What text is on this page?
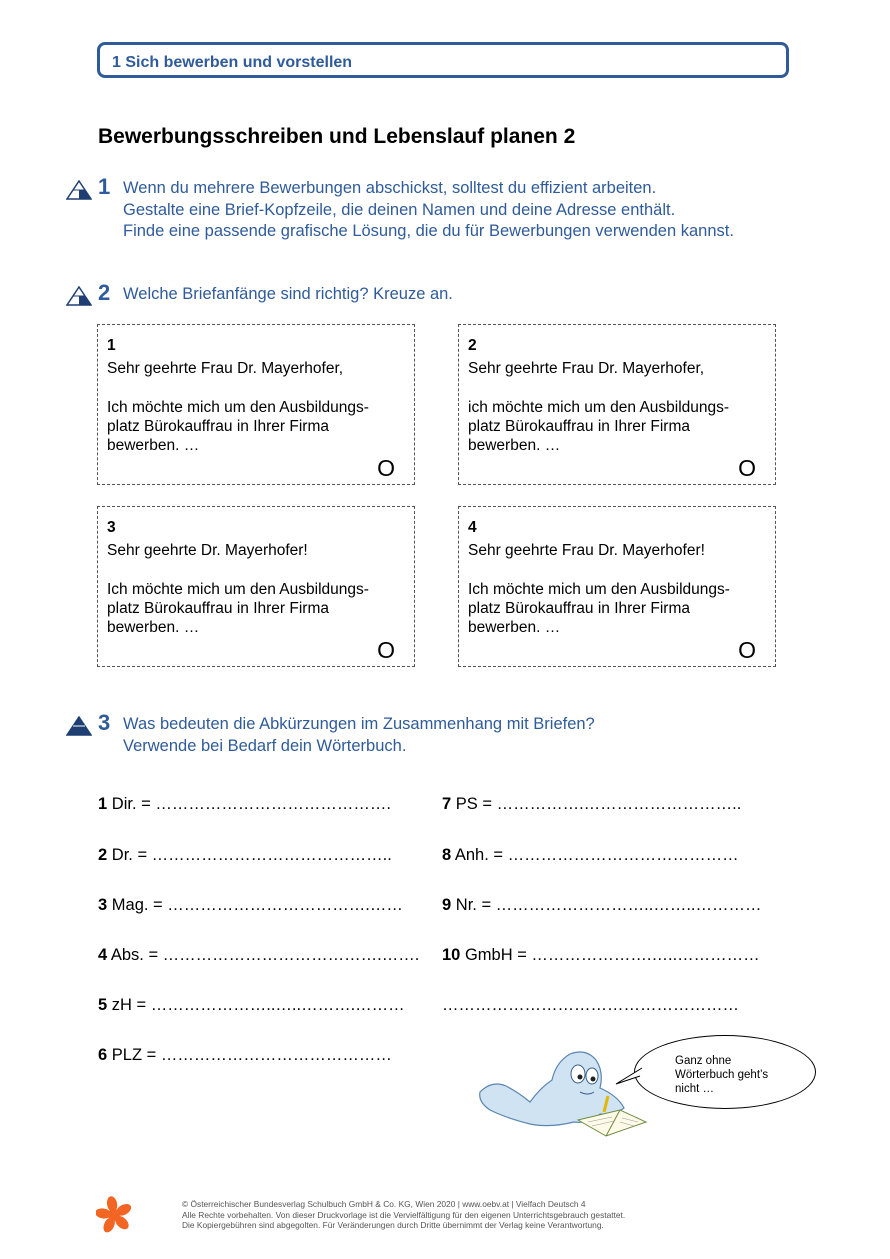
1 Sich bewerben und vorstellen
Bewerbungsschreiben und Lebenslauf planen 2
1 Wenn du mehrere Bewerbungen abschickst, solltest du effizient arbeiten.
Gestalte eine Brief-Kopfzeile, die deinen Namen und deine Adresse enthält.
Finde eine passende grafische Lösung, die du für Bewerbungen verwenden kannst.
2 Welche Briefanfänge sind richtig? Kreuze an.
1
Sehr geehrte Frau Dr. Mayerhofer,
Ich möchte mich um den Ausbildungs-
platz Bürokauffrau in Ihrer Firma
bewerben. …
O
2
Sehr geehrte Frau Dr. Mayerhofer,
ich möchte mich um den Ausbildungs-
platz Bürokauffrau in Ihrer Firma
bewerben. …
O
3
Sehr geehrte Dr. Mayerhofer!
Ich möchte mich um den Ausbildungs-
platz Bürokauffrau in Ihrer Firma
bewerben. …
O
4
Sehr geehrte Frau Dr. Mayerhofer!
Ich möchte mich um den Ausbildungs-
platz Bürokauffrau in Ihrer Firma
bewerben. …
O
3 Was bedeuten die Abkürzungen im Zusammenhang mit Briefen?
Verwende bei Bedarf dein Wörterbuch.
1 Dir. = …………………………………….
2 Dr. = ……………………………………..
3 Mag. = ……………………………….……
4 Abs. = ………………………………….…….
5 zH = …………………..…..……….………
6 PLZ = ……………………………………
7 PS = …………….………………………..
8 Anh. = ……………………………………
9 Nr. = ………………………..……..…………
10 GmbH = ………………….…..……………
………………………………………………
Ganz ohne
Wörterbuch geht’s
nicht …
© Österreichischer Bundesverlag Schulbuch GmbH & Co. KG, Wien 2020 | www.oebv.at | Vielfach Deutsch 4
Alle Rechte vorbehalten. Von dieser Druckvorlage ist die Vervielfältigung für den eigenen Unterrichtsgebrauch gestattet.
Die Kopiergebühren sind abgegolten. Für Veränderungen durch Dritte übernimmt der Verlag keine Verantwortung.
